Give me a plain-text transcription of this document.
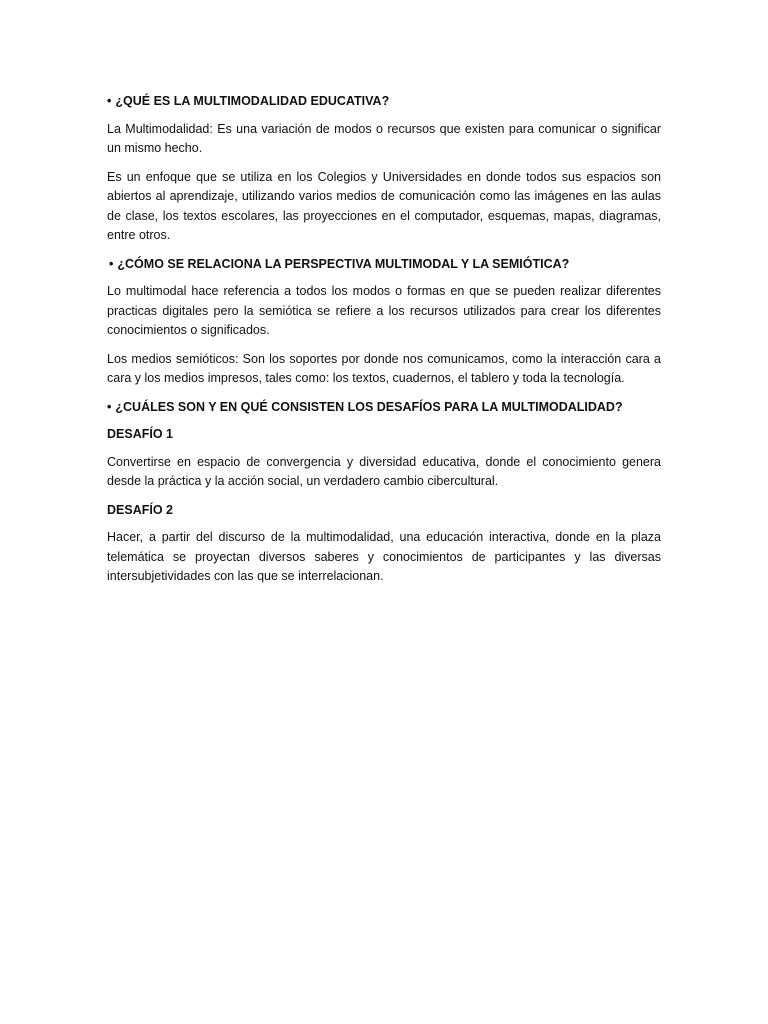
• ¿QUÉ ES LA MULTIMODALIDAD EDUCATIVA?

La Multimodalidad: Es una variación de modos o recursos que existen para comunicar o significar un mismo hecho.

Es un enfoque que se utiliza en los Colegios y Universidades en donde todos sus espacios son abiertos al aprendizaje, utilizando varios medios de comunicación como las imágenes en las aulas de clase, los textos escolares, las proyecciones en el computador, esquemas, mapas, diagramas, entre otros.

• ¿CÓMO SE RELACIONA LA PERSPECTIVA MULTIMODAL Y LA SEMIÓTICA?

Lo multimodal hace referencia a todos los modos o formas en que se pueden realizar diferentes practicas digitales pero la semiótica se refiere a los recursos utilizados para crear los diferentes conocimientos o significados.

Los medios semióticos: Son los soportes por donde nos comunicamos, como la interacción cara a cara y los medios impresos, tales como: los textos, cuadernos, el tablero y toda la tecnología.

• ¿CUÁLES SON Y EN QUÉ CONSISTEN LOS DESAFÍOS PARA LA MULTIMODALIDAD?
DESAFÍO 1

Convertirse en espacio de convergencia y diversidad educativa, donde el conocimiento genera desde la práctica y la acción social, un verdadero cambio cibercultural.

DESAFÍO 2

Hacer, a partir del discurso de la multimodalidad, una educación interactiva, donde en la plaza telemática se proyectan diversos saberes y conocimientos de participantes y las diversas intersubjetividades con las que se interrelacionan.
